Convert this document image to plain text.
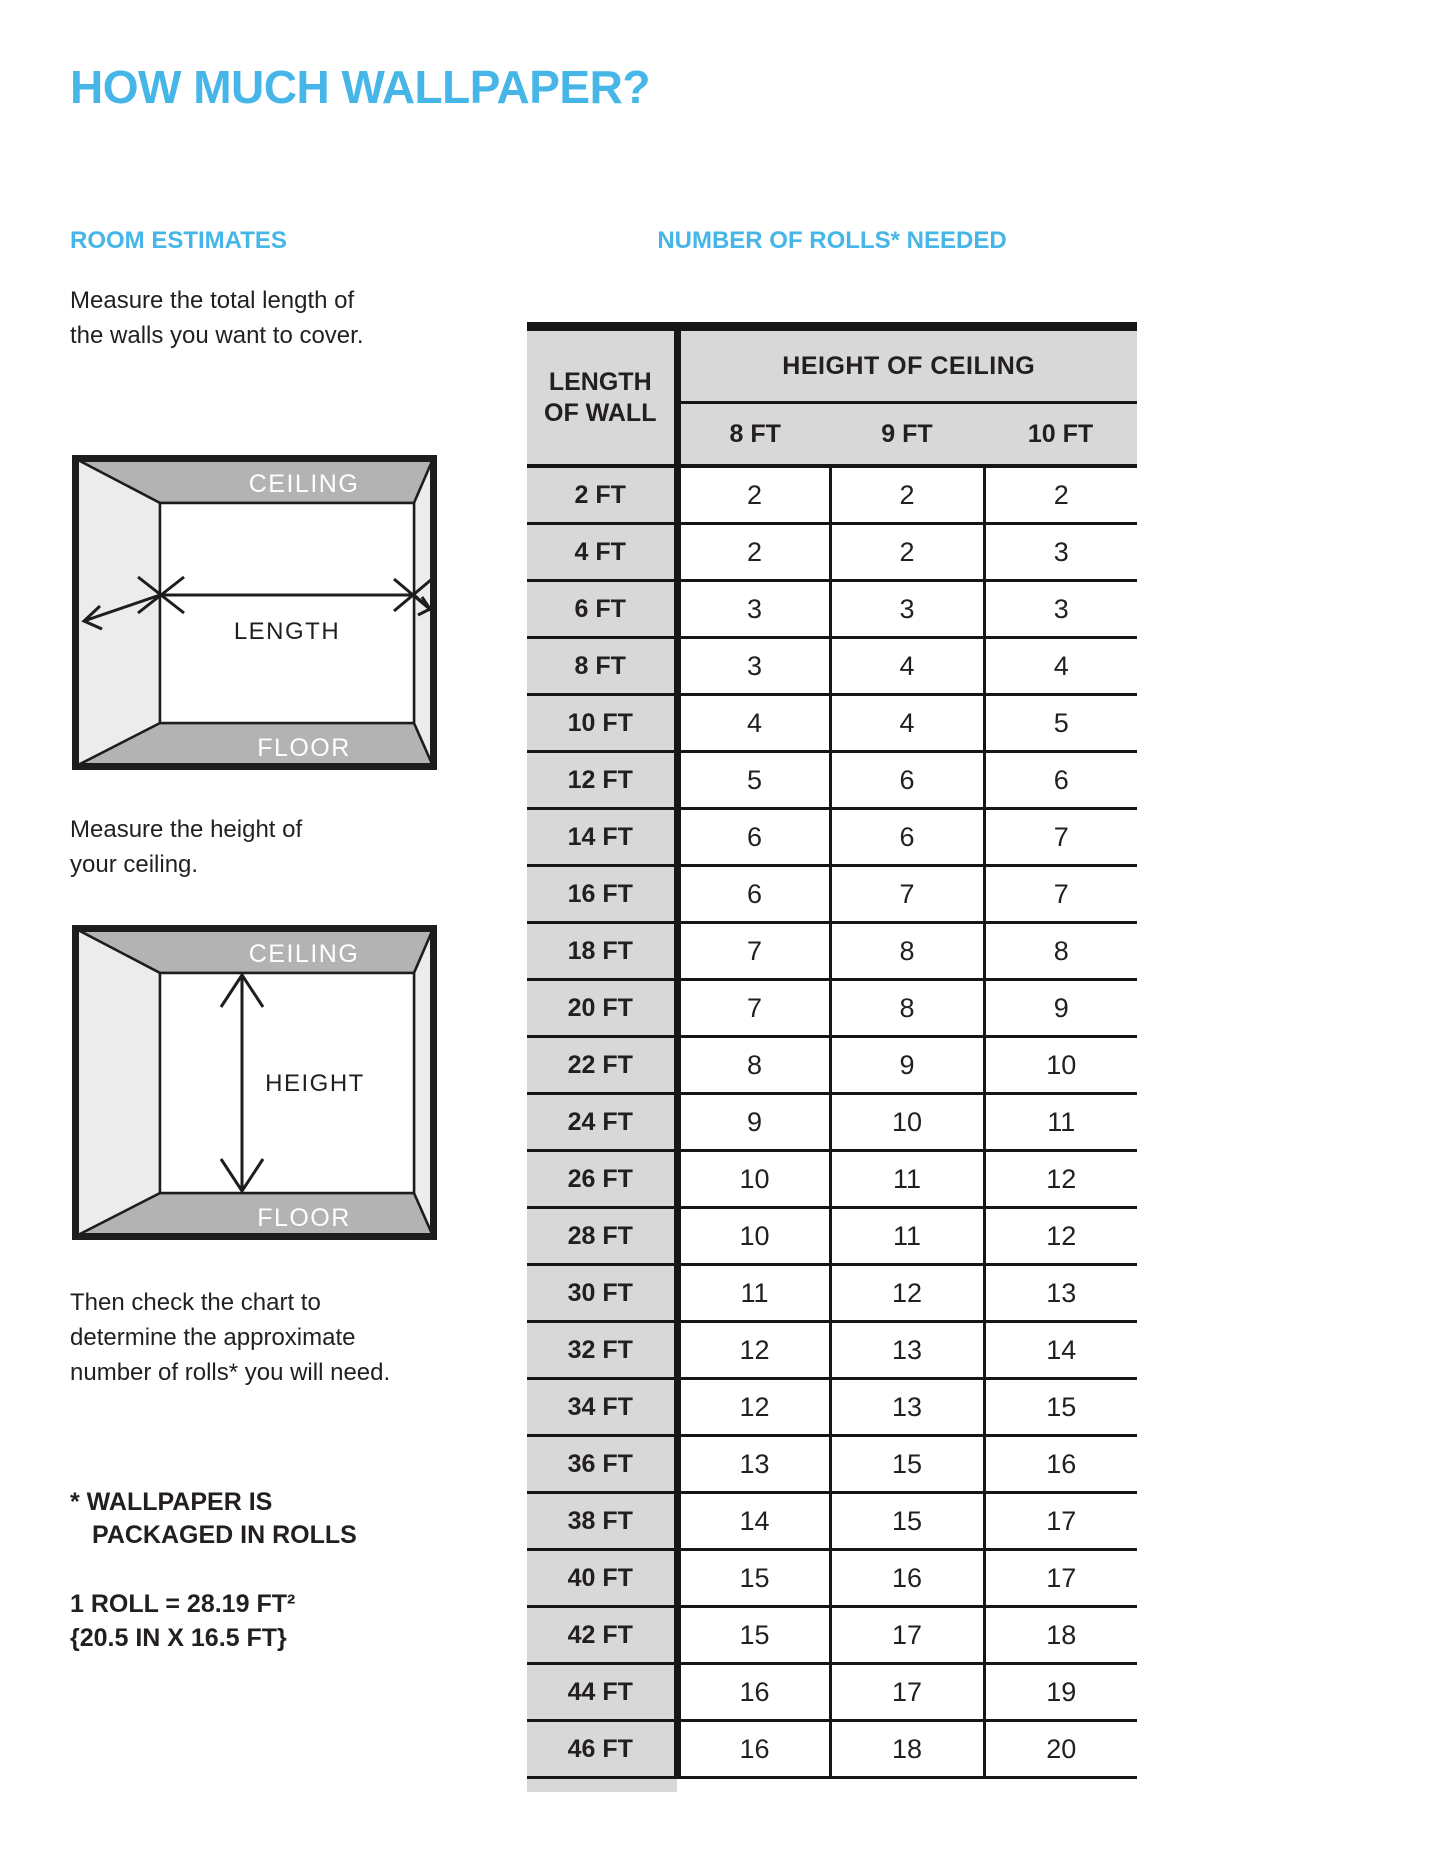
HOW MUCH WALLPAPER?
ROOM ESTIMATES
Measure the total length of
the walls you want to cover.
CEILING
FLOOR
LENGTH
Measure the height of
your ceiling.
CEILING
FLOOR
HEIGHT
Then check the chart to
determine the approximate
number of rolls* you will need.
* WALLPAPER IS
PACKAGED IN ROLLS
1 ROLL = 28.19 FT²
{20.5 IN X 16.5 FT}
NUMBER OF ROLLS* NEEDED
LENGTH
OF WALL	HEIGHT OF CEILING		
	8 FT	9 FT	10 FT
2 FT	2	2	2
4 FT	2	2	3
6 FT	3	3	3
8 FT	3	4	4
10 FT	4	4	5
12 FT	5	6	6
14 FT	6	6	7
16 FT	6	7	7
18 FT	7	8	8
20 FT	7	8	9
22 FT	8	9	10
24 FT	9	10	11
26 FT	10	11	12
28 FT	10	11	12
30 FT	11	12	13
32 FT	12	13	14
34 FT	12	13	15
36 FT	13	15	16
38 FT	14	15	17
40 FT	15	16	17
42 FT	15	17	18
44 FT	16	17	19
46 FT	16	18	20
